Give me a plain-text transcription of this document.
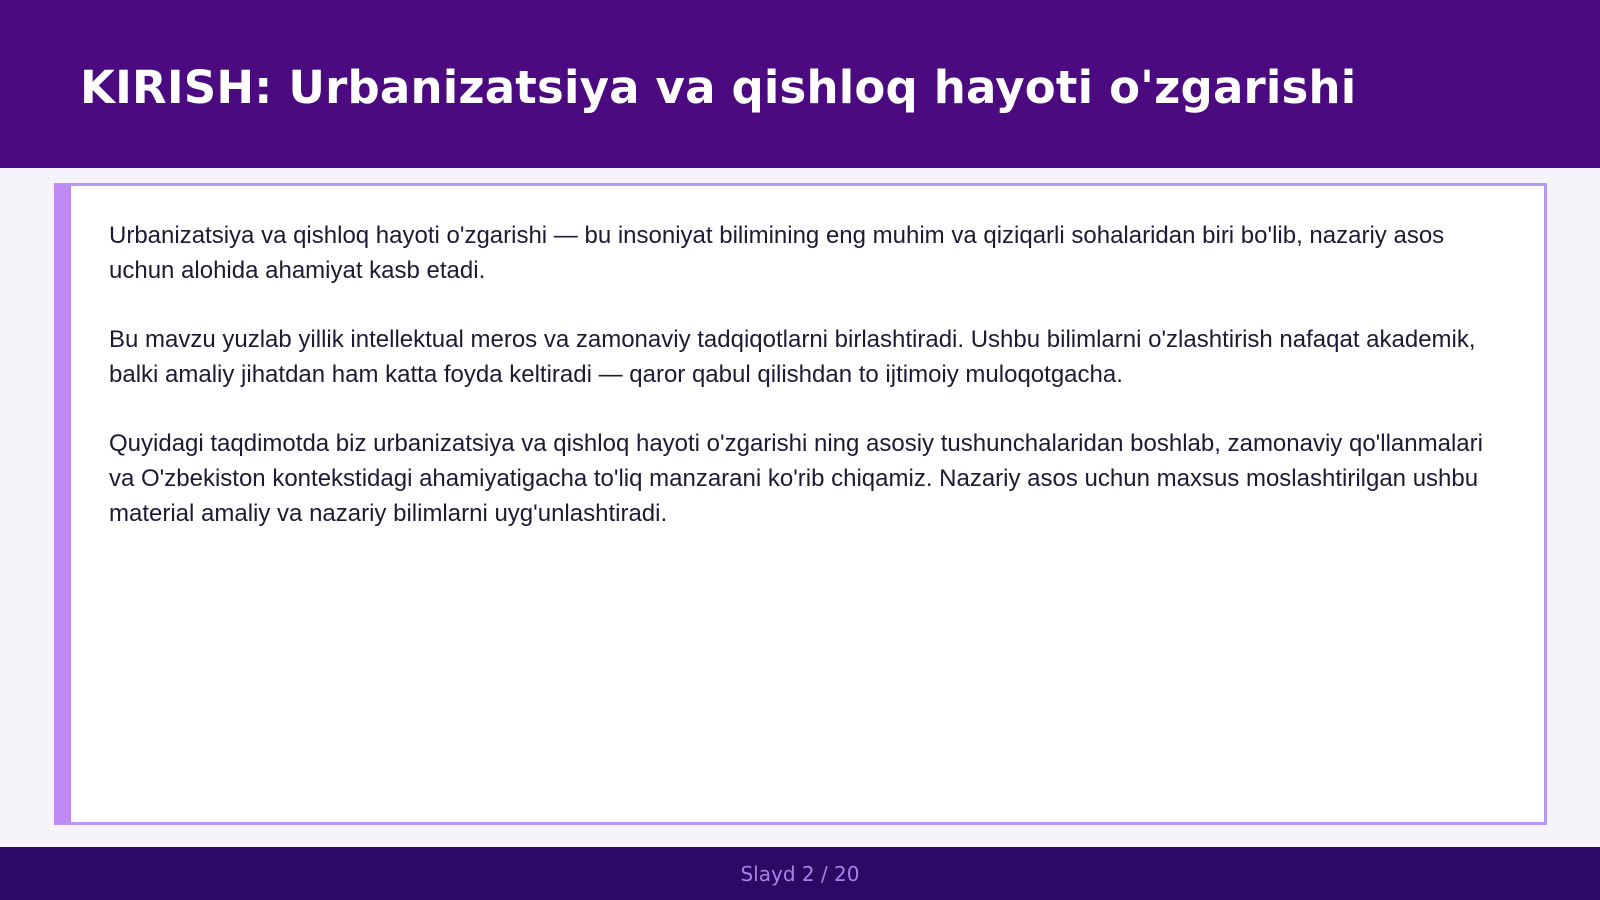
KIRISH: Urbanizatsiya va qishloq hayoti o'zgarishi

Urbanizatsiya va qishloq hayoti o'zgarishi — bu insoniyat bilimining eng muhim va qiziqarli sohalaridan biri bo'lib, nazariy asos uchun alohida ahamiyat kasb etadi.

Bu mavzu yuzlab yillik intellektual meros va zamonaviy tadqiqotlarni birlashtiradi. Ushbu bilimlarni o'zlashtirish nafaqat akademik, balki amaliy jihatdan ham katta foyda keltiradi — qaror qabul qilishdan to ijtimoiy muloqotgacha.

Quyidagi taqdimotda biz urbanizatsiya va qishloq hayoti o'zgarishi ning asosiy tushunchalaridan boshlab, zamonaviy qo'llanmalari va O'zbekiston kontekstidagi ahamiyatigacha to'liq manzarani ko'rib chiqamiz. Nazariy asos uchun maxsus moslashtirilgan ushbu material amaliy va nazariy bilimlarni uyg'unlashtiradi.

Slayd 2 / 20
